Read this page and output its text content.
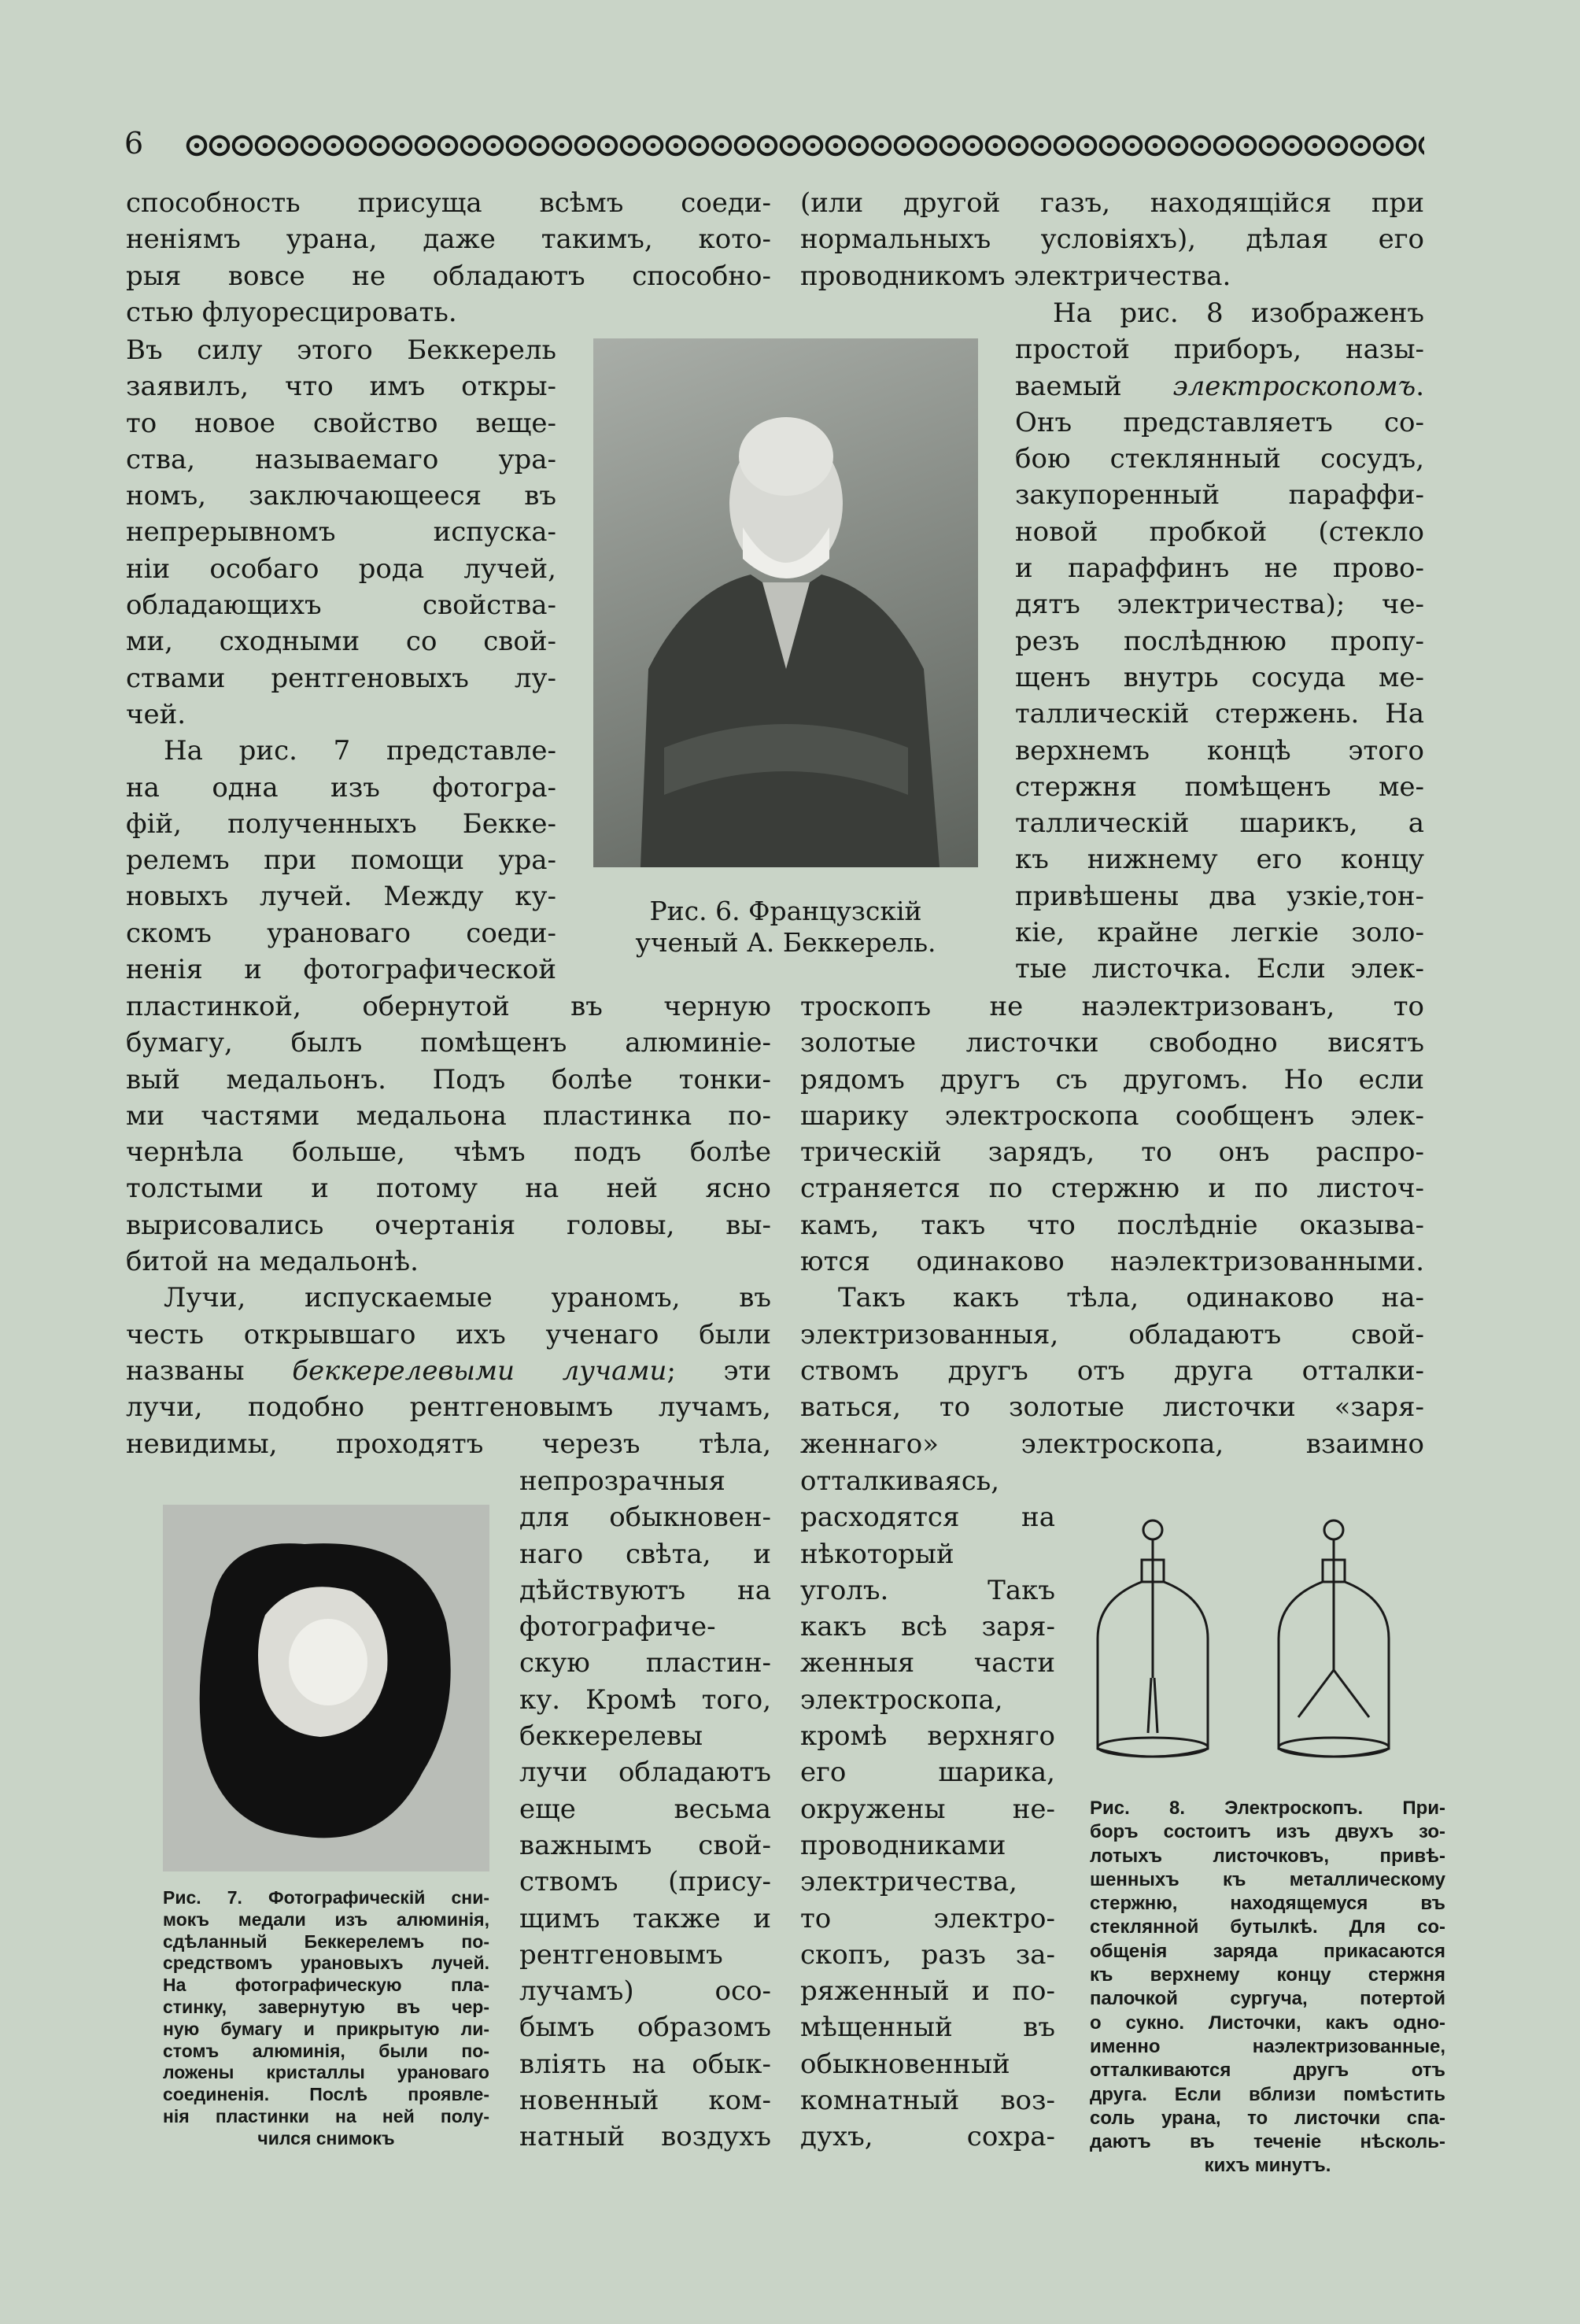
6
способность присуща всѣмъ соеди-
неніямъ урана, даже такимъ, кото-
рыя вовсе не обладаютъ способно-
стью флуоресцировать.
Въ силу этого Беккерель
заявилъ, что имъ откры-
то новое свойство веще-
ства, называемаго ура-
номъ, заключающееся въ
непрерывномъ испуска-
ніи особаго рода лучей,
обладающихъ свойства-
ми, сходными со свой-
ствами рентгеновыхъ лу-
чей.
На рис. 7 представле-
на одна изъ фотогра-
фій, полученныхъ Бекке-
релемъ при помощи ура-
новыхъ лучей. Между ку-
скомъ урановаго соеди-
ненія и фотографической
пластинкой, обернутой въ черную
бумагу, былъ помѣщенъ алюминіе-
вый медальонъ. Подъ болѣе тонки-
ми частями медальона пластинка по-
чернѣла больше, чѣмъ подъ болѣе
толстыми и потому на ней ясно
вырисовались очертанія головы, вы-
битой на медальонѣ.
Лучи, испускаемые ураномъ, въ
честь открывшаго ихъ ученаго были
названы беккерелевыми лучами; эти
лучи, подобно рентгеновымъ лучамъ,
невидимы, проходятъ черезъ тѣла,
непрозрачныя
для обыкновен-
наго свѣта, и
дѣйствуютъ на
фотографиче-
скую пластин-
ку. Кромѣ того,
беккерелевы
лучи обладаютъ
еще весьма
важнымъ свой-
ствомъ (прису-
щимъ также и
рентгеновымъ
лучамъ) осо-
бымъ образомъ
вліять на обык-
новенный ком-
натный воздухъ
(или другой газъ, находящійся при
нормальныхъ условіяхъ), дѣлая его
проводникомъ электричества.
На рис. 8 изображенъ
простой приборъ, назы-
ваемый электроскопомъ.
Онъ представляетъ со-
бою стеклянный сосудъ,
закупоренный параффи-
новой пробкой (стекло
и параффинъ не прово-
дятъ электричества); че-
резъ послѣднюю пропу-
щенъ внутрь сосуда ме-
таллическій стержень. На
верхнемъ концѣ этого
стержня помѣщенъ ме-
таллическій шарикъ, а
къ нижнему его концу
привѣшены два узкіе,тон-
кіе, крайне легкіе золо-
тые листочка. Если элек-
троскопъ не наэлектризованъ, то
золотые листочки свободно висятъ
рядомъ другъ съ другомъ. Но если
шарику электроскопа сообщенъ элек-
трическій зарядъ, то онъ распро-
страняется по стержню и по листоч-
камъ, такъ что послѣдніе оказыва-
ются одинаково наэлектризованными.
Такъ какъ тѣла, одинаково на-
электризованныя, обладаютъ свой-
ствомъ другъ отъ друга отталки-
ваться, то золотые листочки «заря-
женнаго» электроскопа, взаимно
отталкиваясь,
расходятся на
нѣкоторый
уголъ. Такъ
какъ всѣ заря-
женныя части
электроскопа,
кромѣ верхняго
его шарика,
окружены не-
проводниками
электричества,
то электро-
скопъ, разъ за-
ряженный и по-
мѣщенный въ
обыкновенный
комнатный воз-
духъ, сохра-
Рис. 6. Французскій
ученый А. Беккерель.
Рис. 7. Фотографическій сни-
мокъ медали изъ алюминія,
сдѣланный Беккерелемъ по-
средствомъ урановыхъ лучей.
На фотографическую пла-
стинку, завернутую въ чер-
ную бумагу и прикрытую ли-
стомъ алюминія, были по-
ложены кристаллы урановаго
соединенія. Послѣ проявле-
нія пластинки на ней полу-
чился снимокъ
Рис. 8. Электроскопъ. При-
боръ состоитъ изъ двухъ зо-
лотыхъ листочковъ, привѣ-
шенныхъ къ металлическому
стержню, находящемуся въ
стеклянной бутылкѣ. Для со-
общенія заряда прикасаются
къ верхнему концу стержня
палочкой сургуча, потертой
о сукно. Листочки, какъ одно-
именно наэлектризованные,
отталкиваются другъ отъ
друга. Если вблизи помѣстить
соль урана, то листочки спа-
даютъ въ теченіе нѣсколь-
кихъ минутъ.
